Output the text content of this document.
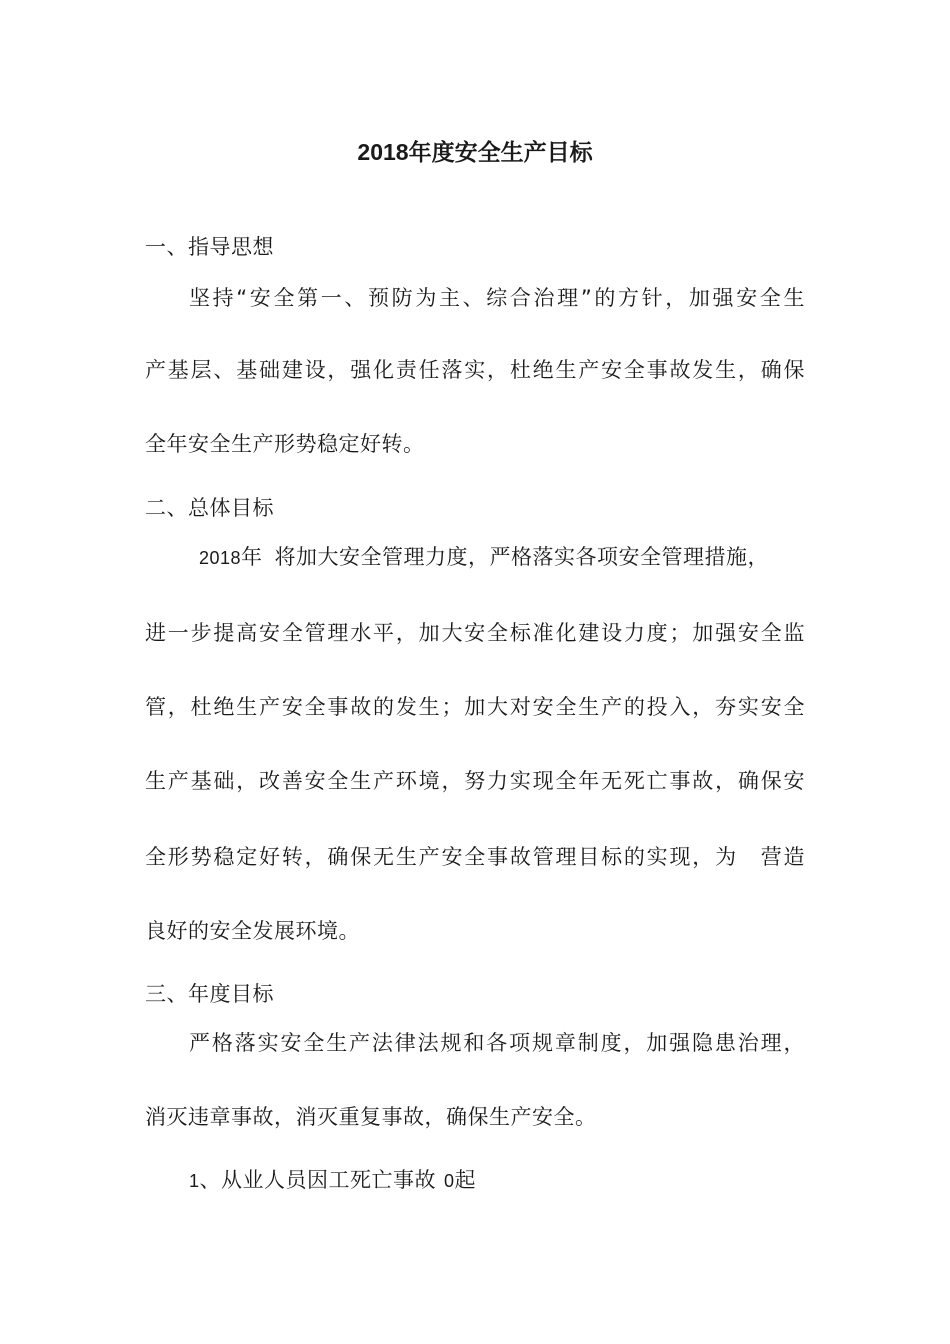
2018年度安全生产目标
一、指导思想
坚持“安全第一、预防为主、综合治理”的方针，加强安全生
产基层、基础建设，强化责任落实，杜绝生产安全事故发生，确保
全年安全生产形势稳定好转。
二、总体目标
2018年 将加大安全管理力度，严格落实各项安全管理措施，
进一步提高安全管理水平，加大安全标准化建设力度；加强安全监
管，杜绝生产安全事故的发生；加大对安全生产的投入，夯实安全
生产基础，改善安全生产环境，努力实现全年无死亡事故，确保安
全形势稳定好转，确保无生产安全事故管理目标的实现，为　营造
良好的安全发展环境。
三、年度目标
严格落实安全生产法律法规和各项规章制度，加强隐患治理，
消灭违章事故，消灭重复事故，确保生产安全。
1、从业人员因工死亡事故 0起
